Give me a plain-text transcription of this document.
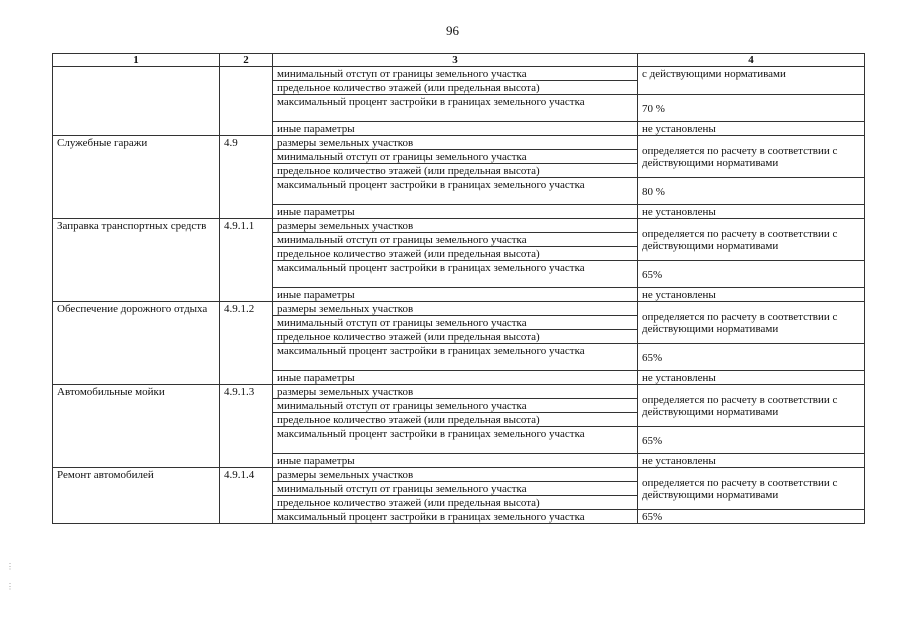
96
1	2	3	4
		минимальный отступ от границы земельного участка	с действующими нормативами
		предельное количество этажей (или предельная высота)	
		максимальный процент застройки в границах земельного участка	70 %
		иные параметры	не установлены
Служебные гаражи	4.9	размеры земельных участков	определяется по расчету в соответствии с действующими нормативами
		минимальный отступ от границы земельного участка	
		предельное количество этажей (или предельная высота)	
		максимальный процент застройки в границах земельного участка	80 %
		иные параметры	не установлены
Заправка транспортных средств	4.9.1.1	размеры земельных участков	определяется по расчету в соответствии с действующими нормативами
		минимальный отступ от границы земельного участка	
		предельное количество этажей (или предельная высота)	
		максимальный процент застройки в границах земельного участка	65%
		иные параметры	не установлены
Обеспечение дорожного отдыха	4.9.1.2	размеры земельных участков	определяется по расчету в соответствии с действующими нормативами
		минимальный отступ от границы земельного участка	
		предельное количество этажей (или предельная высота)	
		максимальный процент застройки в границах земельного участка	65%
		иные параметры	не установлены
Автомобильные мойки	4.9.1.3	размеры земельных участков	определяется по расчету в соответствии с действующими нормативами
		минимальный отступ от границы земельного участка	
		предельное количество этажей (или предельная высота)	
		максимальный процент застройки в границах земельного участка	65%
		иные параметры	не установлены
Ремонт автомобилей	4.9.1.4	размеры земельных участков	определяется по расчету в соответствии с действующими нормативами
		минимальный отступ от границы земельного участка	
		предельное количество этажей (или предельная высота)	
		максимальный процент застройки в границах земельного участка	65%
⋮
⋮
